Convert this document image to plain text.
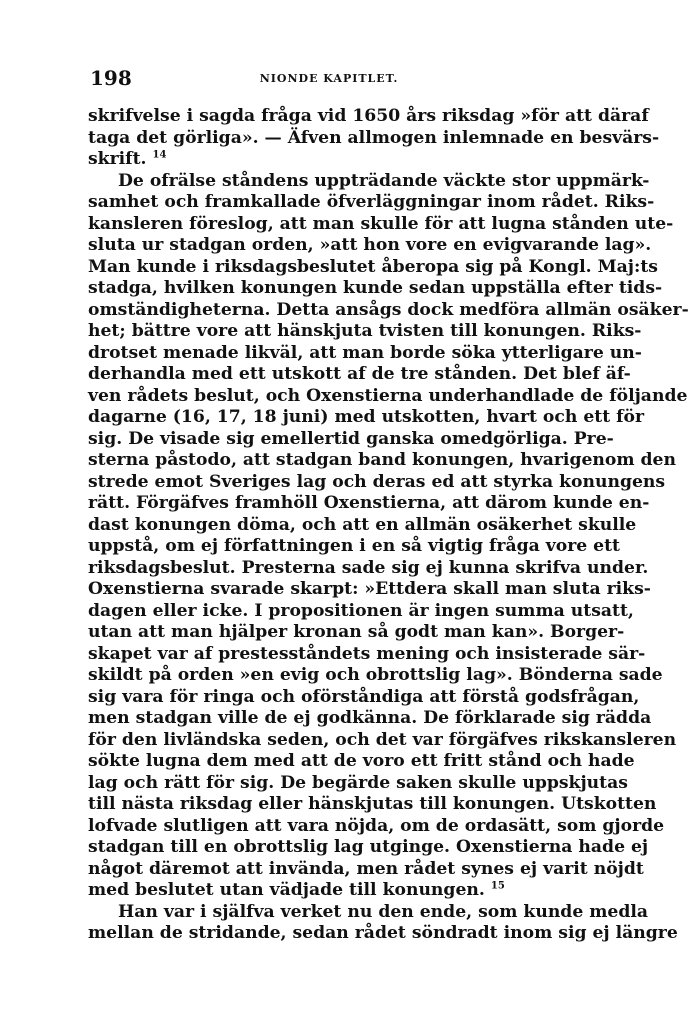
198	NIONDE KAPITLET.
skrifvelse i sagda fråga vid 1650 års riksdag »för att däraf
taga det görliga». — Äfven allmogen inlemnade en besvärs-
skrift. $^{14}$
De ofrälse ståndens uppträdande väckte stor uppmärk-
samhet och framkallade öfverläggningar inom rådet. Riks-
kansleren föreslog, att man skulle för att lugna stånden ute-
sluta ur stadgan orden, »att hon vore en evigvarande lag».
Man kunde i riksdagsbeslutet åberopa sig på Kongl. Maj:ts
stadga, hvilken konungen kunde sedan uppställa efter tids-
omständigheterna. Detta ansågs dock medföra allmän osäker-
het; bättre vore att hänskjuta tvisten till konungen. Riks-
drotset menade likväl, att man borde söka ytterligare un-
derhandla med ett utskott af de tre stånden. Det blef äf-
ven rådets beslut, och Oxenstierna underhandlade de följande
dagarne (16, 17, 18 juni) med utskotten, hvart och ett för
sig. De visade sig emellertid ganska omedgörliga. Pre-
sterna påstodo, att stadgan band konungen, hvarigenom den
strede emot Sveriges lag och deras ed att styrka konungens
rätt. Förgäfves framhöll Oxenstierna, att därom kunde en-
dast konungen döma, och att en allmän osäkerhet skulle
uppstå, om ej författningen i en så vigtig fråga vore ett
riksdagsbeslut. Presterna sade sig ej kunna skrifva under.
Oxenstierna svarade skarpt: »Ettdera skall man sluta riks-
dagen eller icke. I propositionen är ingen summa utsatt,
utan att man hjälper kronan så godt man kan». Borger-
skapet var af prestesståndets mening och insisterade sär-
skildt på orden »en evig och obrottslig lag». Bönderna sade
sig vara för ringa och oförståndiga att förstå godsfrågan,
men stadgan ville de ej godkänna. De förklarade sig rädda
för den livländska seden, och det var förgäfves rikskansleren
sökte lugna dem med att de voro ett fritt stånd och hade
lag och rätt för sig. De begärde saken skulle uppskjutas
till nästa riksdag eller hänskjutas till konungen. Utskotten
lofvade slutligen att vara nöjda, om de ordasätt, som gjorde
stadgan till en obrottslig lag utginge. Oxenstierna hade ej
något däremot att invända, men rådet synes ej varit nöjdt
med beslutet utan vädjade till konungen. $^{15}$
Han var i själfva verket nu den ende, som kunde medla
mellan de stridande, sedan rådet söndradt inom sig ej längre
